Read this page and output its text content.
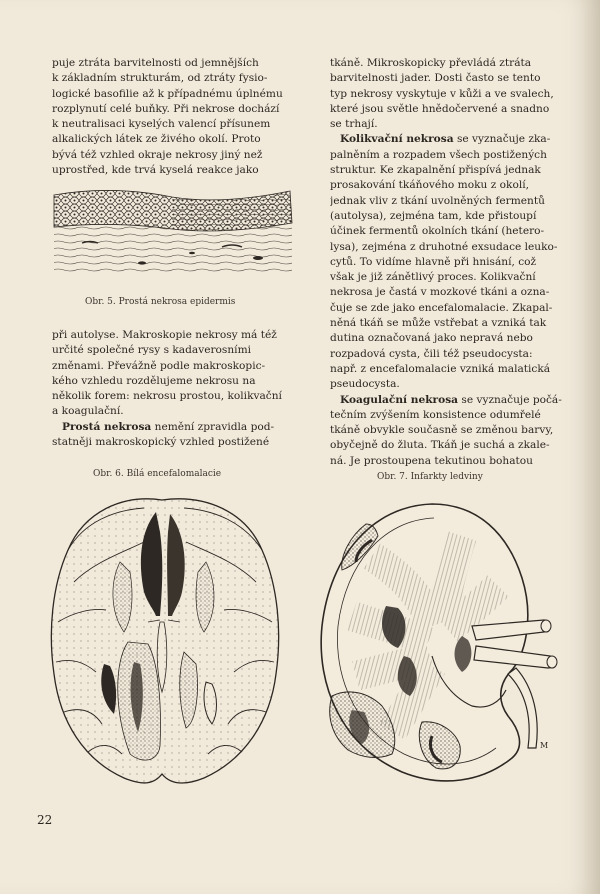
puje ztráta barvitelnosti od jemnějších
k základním strukturám, od ztráty fysio-
logické basofilie až k případnému úplnému
rozplynutí celé buňky. Při nekrose dochází
k neutralisaci kyselých valencí přísunem
alkalických látek ze živého okolí. Proto
bývá též vzhled okraje nekrosy jiný než
uprostřed, kde trvá kyselá reakce jako
Obr. 5. Prostá nekrosa epidermis
při autolyse. Makroskopie nekrosy má též
určité společné rysy s kadaverosními
změnami. Převážně podle makroskopic-
kého vzhledu rozdělujeme nekrosu na
několik forem: nekrosu prostou, kolikvační
a koagulační.
Prostá nekrosa nemění zpravidla pod-
statněji makroskopický vzhled postižené
tkáně. Mikroskopicky převládá ztráta
barvitelnosti jader. Dosti často se tento
typ nekrosy vyskytuje v kůži a ve svalech,
které jsou světle hnědočervené a snadno
se trhají.
Kolikvační nekrosa se vyznačuje zka-
palněním a rozpadem všech postižených
struktur. Ke zkapalnění přispívá jednak
prosakování tkáňového moku z okolí,
jednak vliv z tkání uvolněných fermentů
(autolysa), zejména tam, kde přistoupí
účinek fermentů okolních tkání (hetero-
lysa), zejména z druhotné exsudace leuko-
cytů. To vidíme hlavně při hnisání, což
však je již zánětlivý proces. Kolikvační
nekrosa je častá v mozkové tkáni a ozna-
čuje se zde jako encefalomalacie. Zkapal-
něná tkáň se může vstřebat a vzniká tak
dutina označovaná jako nepravá nebo
rozpadová cysta, čili též pseudocysta:
např. z encefalomalacie vzniká malatická
pseudocysta.
Koagulační nekrosa se vyznačuje počá-
tečním zvýšením konsistence odumřelé
tkáně obvykle současně se změnou barvy,
obyčejně do žluta. Tkáň je suchá a zkale-
ná. Je prostoupena tekutinou bohatou
Obr. 6. Bílá encefalomalacie	Obr. 7. Infarkty ledviny
M
22
